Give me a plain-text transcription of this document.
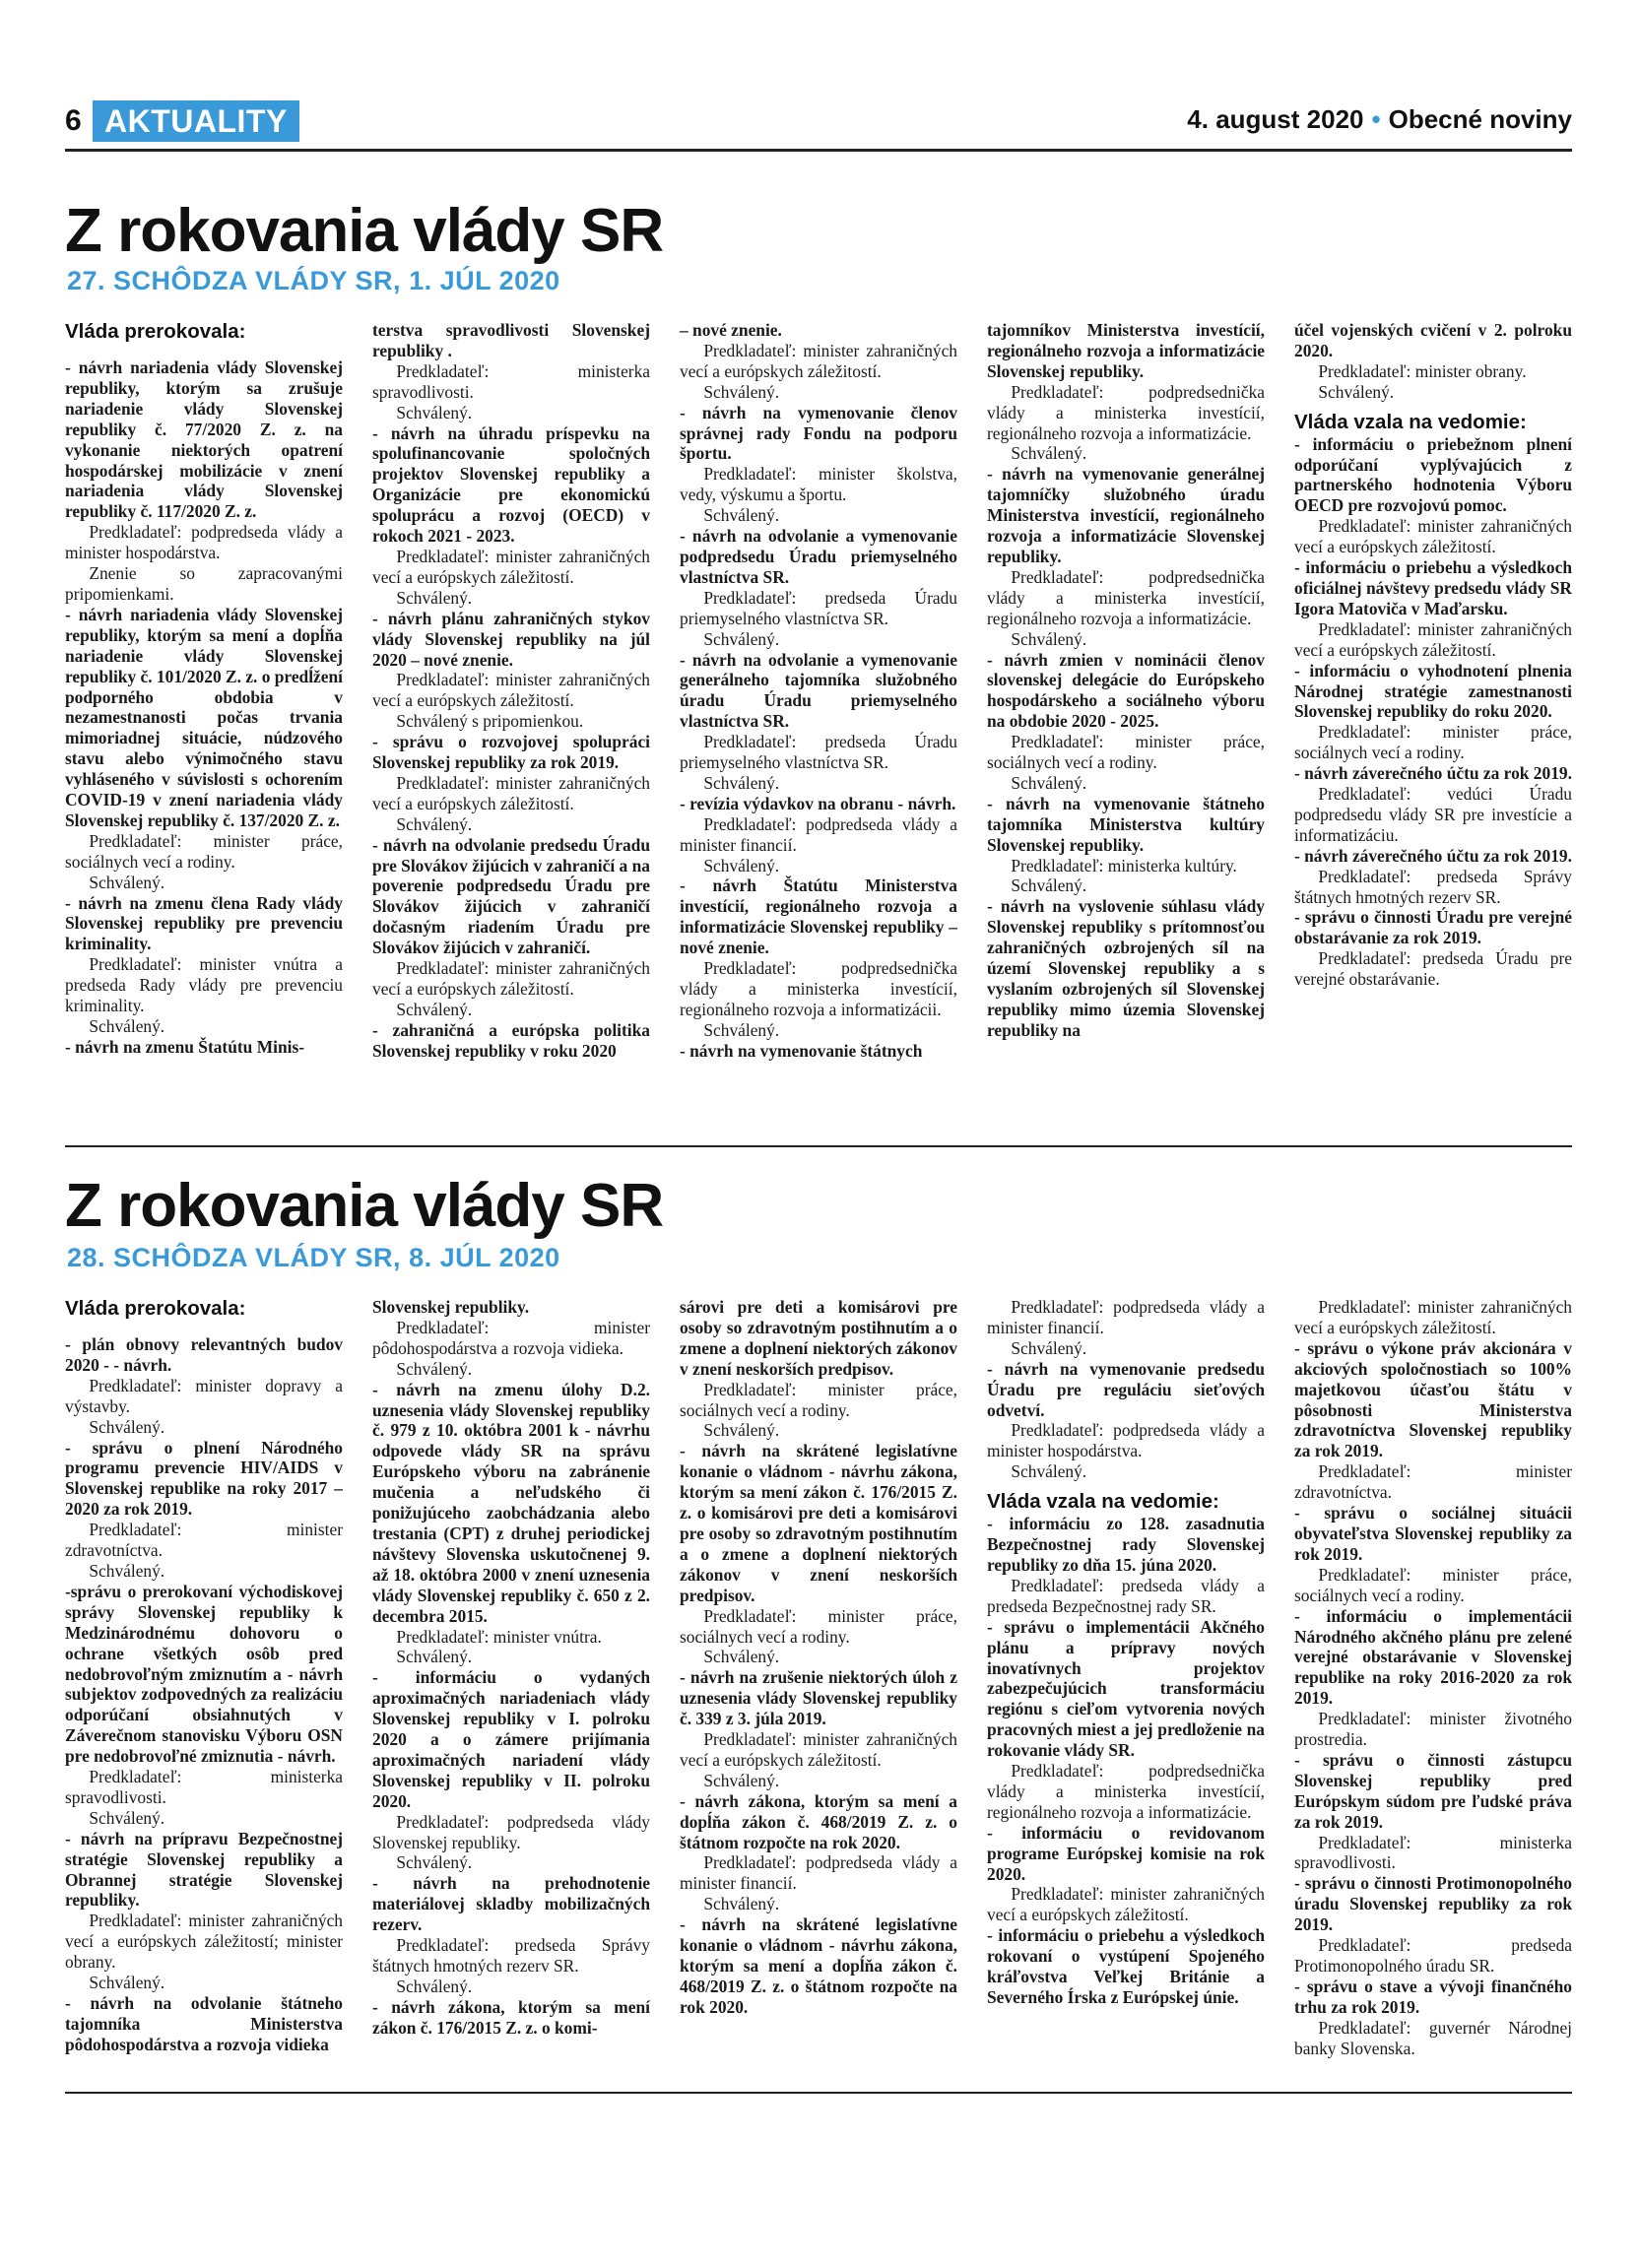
6 AKTUALITY	4. august 2020 • Obecné noviny
Z rokovania vlády SR
27. SCHÔDZA VLÁDY SR, 1. JÚL 2020

Vláda prerokovala:

- návrh nariadenia vlády Slovenskej republiky, ktorým sa zrušuje nariadenie vlády Slovenskej republiky č. 77/2020 Z. z. na vykonanie niektorých opatrení hospodárskej mobilizácie v znení nariadenia vlády Slovenskej republiky č. 117/2020 Z. z.

Predkladateľ: podpredseda vlády a minister hospodárstva.

Znenie so zapracovanými pripomienkami.

- návrh nariadenia vlády Slovenskej republiky, ktorým sa mení a dopĺňa nariadenie vlády Slovenskej republiky č. 101/2020 Z. z. o predĺžení podporného obdobia v nezamestnanosti počas trvania mimoriadnej situácie, núdzového stavu alebo výnimočného stavu vyhláseného v súvislosti s ochorením COVID-19 v znení nariadenia vlády Slovenskej republiky č. 137/2020 Z. z.

Predkladateľ: minister práce, sociálnych vecí a rodiny.

Schválený.

- návrh na zmenu člena Rady vlády Slovenskej republiky pre prevenciu kriminality.

Predkladateľ: minister vnútra a predseda Rady vlády pre prevenciu kriminality.

Schválený.

- návrh na zmenu Štatútu Minis-

terstva spravodlivosti Slovenskej republiky .

Predkladateľ: ministerka spravodlivosti.

Schválený.

- návrh na úhradu príspevku na spolufinancovanie spoločných projektov Slovenskej republiky a Organizácie pre ekonomickú spoluprácu a rozvoj (OECD) v rokoch 2021 - 2023.

Predkladateľ: minister zahraničných vecí a európskych záležitostí.

Schválený.

- návrh plánu zahraničných stykov vlády Slovenskej republiky na júl 2020 – nové znenie.

Predkladateľ: minister zahraničných vecí a európskych záležitostí.

Schválený s pripomienkou.

- správu o rozvojovej spolupráci Slovenskej republiky za rok 2019.

Predkladateľ: minister zahraničných vecí a európskych záležitostí.

Schválený.

- návrh na odvolanie predsedu Úradu pre Slovákov žijúcich v zahraničí a na poverenie podpredsedu Úradu pre Slovákov žijúcich v zahraničí dočasným riadením Úradu pre Slovákov žijúcich v zahraničí.

Predkladateľ: minister zahraničných vecí a európskych záležitostí.

Schválený.

- zahraničná a európska politika Slovenskej republiky v roku 2020

– nové znenie.

Predkladateľ: minister zahraničných vecí a európskych záležitostí.

Schválený.

- návrh na vymenovanie členov správnej rady Fondu na podporu športu.

Predkladateľ: minister školstva, vedy, výskumu a športu.

Schválený.

- návrh na odvolanie a vymenovanie podpredsedu Úradu priemyselného vlastníctva SR.

Predkladateľ: predseda Úradu priemyselného vlastníctva SR.

Schválený.

- návrh na odvolanie a vymenovanie generálneho tajomníka služobného úradu Úradu priemyselného vlastníctva SR.

Predkladateľ: predseda Úradu priemyselného vlastníctva SR.

Schválený.

- revízia výdavkov na obranu - návrh.

Predkladateľ: podpredseda vlády a minister financií.

Schválený.

- návrh Štatútu Ministerstva investícií, regionálneho rozvoja a informatizácie Slovenskej republiky – nové znenie.

Predkladateľ: podpredsednička vlády a ministerka investícií, regionálneho rozvoja a informatizácii.

Schválený.

- návrh na vymenovanie štátnych

tajomníkov Ministerstva investícií, regionálneho rozvoja a informatizácie Slovenskej republiky.

Predkladateľ: podpredsednička vlády a ministerka investícií, regionálneho rozvoja a informatizácie.

Schválený.

- návrh na vymenovanie generálnej tajomníčky služobného úradu Ministerstva investícií, regionálneho rozvoja a informatizácie Slovenskej republiky.

Predkladateľ: podpredsednička vlády a ministerka investícií, regionálneho rozvoja a informatizácie.

Schválený.

- návrh zmien v nominácii členov slovenskej delegácie do Európskeho hospodárskeho a sociálneho výboru na obdobie 2020 - 2025.

Predkladateľ: minister práce, sociálnych vecí a rodiny.

Schválený.

- návrh na vymenovanie štátneho tajomníka Ministerstva kultúry Slovenskej republiky.

Predkladateľ: ministerka kultúry.

Schválený.

- návrh na vyslovenie súhlasu vlády Slovenskej republiky s prítomnosťou zahraničných ozbrojených síl na území Slovenskej republiky a s vyslaním ozbrojených síl Slovenskej republiky mimo územia Slovenskej republiky na

účel vojenských cvičení v 2. polroku 2020.

Predkladateľ: minister obrany.

Schválený.

Vláda vzala na vedomie:

- informáciu o priebežnom plnení odporúčaní vyplývajúcich z partnerského hodnotenia Výboru OECD pre rozvojovú pomoc.

Predkladateľ: minister zahraničných vecí a európskych záležitostí.

- informáciu o priebehu a výsledkoch oficiálnej návštevy predsedu vlády SR Igora Matoviča v Maďarsku.

Predkladateľ: minister zahraničných vecí a európskych záležitostí.

- informáciu o vyhodnotení plnenia Národnej stratégie zamestnanosti Slovenskej republiky do roku 2020.

Predkladateľ: minister práce, sociálnych vecí a rodiny.

- návrh záverečného účtu za rok 2019.

Predkladateľ: vedúci Úradu podpredsedu vlády SR pre investície a informatizáciu.

- návrh záverečného účtu za rok 2019.

Predkladateľ: predseda Správy štátnych hmotných rezerv SR.

- správu o činnosti Úradu pre verejné obstarávanie za rok 2019.

Predkladateľ: predseda Úradu pre verejné obstarávanie.

Z rokovania vlády SR
28. SCHÔDZA VLÁDY SR, 8. JÚL 2020

Vláda prerokovala:

- plán obnovy relevantných budov 2020 - - návrh.

Predkladateľ: minister dopravy a výstavby.

Schválený.

- správu o plnení Národného programu prevencie HIV/AIDS v Slovenskej republike na roky 2017 – 2020 za rok 2019.

Predkladateľ: minister zdravotníctva.

Schválený.

-správu o prerokovaní východiskovej správy Slovenskej republiky k Medzinárodnému dohovoru o ochrane všetkých osôb pred nedobrovoľným zmiznutím a - návrh subjektov zodpovedných za realizáciu odporúčaní obsiahnutých v Záverečnom stanovisku Výboru OSN pre nedobrovoľné zmiznutia - návrh.

Predkladateľ: ministerka spravodlivosti.

Schválený.

- návrh na prípravu Bezpečnostnej stratégie Slovenskej republiky a Obrannej stratégie Slovenskej republiky.

Predkladateľ: minister zahraničných vecí a európskych záležitostí; minister obrany.

Schválený.

- návrh na odvolanie štátneho tajomníka Ministerstva pôdohospodárstva a rozvoja vidieka

Slovenskej republiky.

Predkladateľ: minister pôdohospodárstva a rozvoja vidieka.

Schválený.

- návrh na zmenu úlohy D.2. uznesenia vlády Slovenskej republiky č. 979 z 10. októbra 2001 k - návrhu odpovede vlády SR na správu Európskeho výboru na zabránenie mučenia a neľudského či ponižujúceho zaobchádzania alebo trestania (CPT) z druhej periodickej návštevy Slovenska uskutočnenej 9. až 18. októbra 2000 v znení uznesenia vlády Slovenskej republiky č. 650 z 2. decembra 2015.

Predkladateľ: minister vnútra.

Schválený.

- informáciu o vydaných aproximačných nariadeniach vlády Slovenskej republiky v I. polroku 2020 a o zámere prijímania aproximačných nariadení vlády Slovenskej republiky v II. polroku 2020.

Predkladateľ: podpredseda vlády Slovenskej republiky.

Schválený.

- návrh na prehodnotenie materiálovej skladby mobilizačných rezerv.

Predkladateľ: predseda Správy štátnych hmotných rezerv SR.

Schválený.

- návrh zákona, ktorým sa mení zákon č. 176/2015 Z. z. o komi-

sárovi pre deti a komisárovi pre osoby so zdravotným postihnutím a o zmene a doplnení niektorých zákonov v znení neskorších predpisov.

Predkladateľ: minister práce, sociálnych vecí a rodiny.

Schválený.

- návrh na skrátené legislatívne konanie o vládnom - návrhu zákona, ktorým sa mení zákon č. 176/2015 Z. z. o komisárovi pre deti a komisárovi pre osoby so zdravotným postihnutím a o zmene a doplnení niektorých zákonov v znení neskorších predpisov.

Predkladateľ: minister práce, sociálnych vecí a rodiny.

Schválený.

- návrh na zrušenie niektorých úloh z uznesenia vlády Slovenskej republiky č. 339 z 3. júla 2019.

Predkladateľ: minister zahraničných vecí a európskych záležitostí.

Schválený.

- návrh zákona, ktorým sa mení a dopĺňa zákon č. 468/2019 Z. z. o štátnom rozpočte na rok 2020.

Predkladateľ: podpredseda vlády a minister financií.

Schválený.

- návrh na skrátené legislatívne konanie o vládnom - návrhu zákona, ktorým sa mení a dopĺňa zákon č. 468/2019 Z. z. o štátnom rozpočte na rok 2020.

Predkladateľ: podpredseda vlády a minister financií.

Schválený.

- návrh na vymenovanie predsedu Úradu pre reguláciu sieťových odvetví.

Predkladateľ: podpredseda vlády a minister hospodárstva.

Schválený.

Vláda vzala na vedomie:

- informáciu zo 128. zasadnutia Bezpečnostnej rady Slovenskej republiky zo dňa 15. júna 2020.

Predkladateľ: predseda vlády a predseda Bezpečnostnej rady SR.

- správu o implementácii Akčného plánu a prípravy nových inovatívnych projektov zabezpečujúcich transformáciu regiónu s cieľom vytvorenia nových pracovných miest a jej predloženie na rokovanie vlády SR.

Predkladateľ: podpredsednička vlády a ministerka investícií, regionálneho rozvoja a informatizácie.

- informáciu o revidovanom programe Európskej komisie na rok 2020.

Predkladateľ: minister zahraničných vecí a európskych záležitostí.

- informáciu o priebehu a výsledkoch rokovaní o vystúpení Spojeného kráľovstva Veľkej Británie a Severného Írska z Európskej únie.

Predkladateľ: minister zahraničných vecí a európskych záležitostí.

- správu o výkone práv akcionára v akciových spoločnostiach so 100% majetkovou účasťou štátu v pôsobnosti Ministerstva zdravotníctva Slovenskej republiky za rok 2019.

Predkladateľ: minister zdravotníctva.

- správu o sociálnej situácii obyvateľstva Slovenskej republiky za rok 2019.

Predkladateľ: minister práce, sociálnych vecí a rodiny.

- informáciu o implementácii Národného akčného plánu pre zelené verejné obstarávanie v Slovenskej republike na roky 2016-2020 za rok 2019.

Predkladateľ: minister životného prostredia.

- správu o činnosti zástupcu Slovenskej republiky pred Európskym súdom pre ľudské práva za rok 2019.

Predkladateľ: ministerka spravodlivosti.

- správu o činnosti Protimonopolného úradu Slovenskej republiky za rok 2019.

Predkladateľ: predseda Protimonopolného úradu SR.

- správu o stave a vývoji finančného trhu za rok 2019.

Predkladateľ: guvernér Národnej banky Slovenska.
